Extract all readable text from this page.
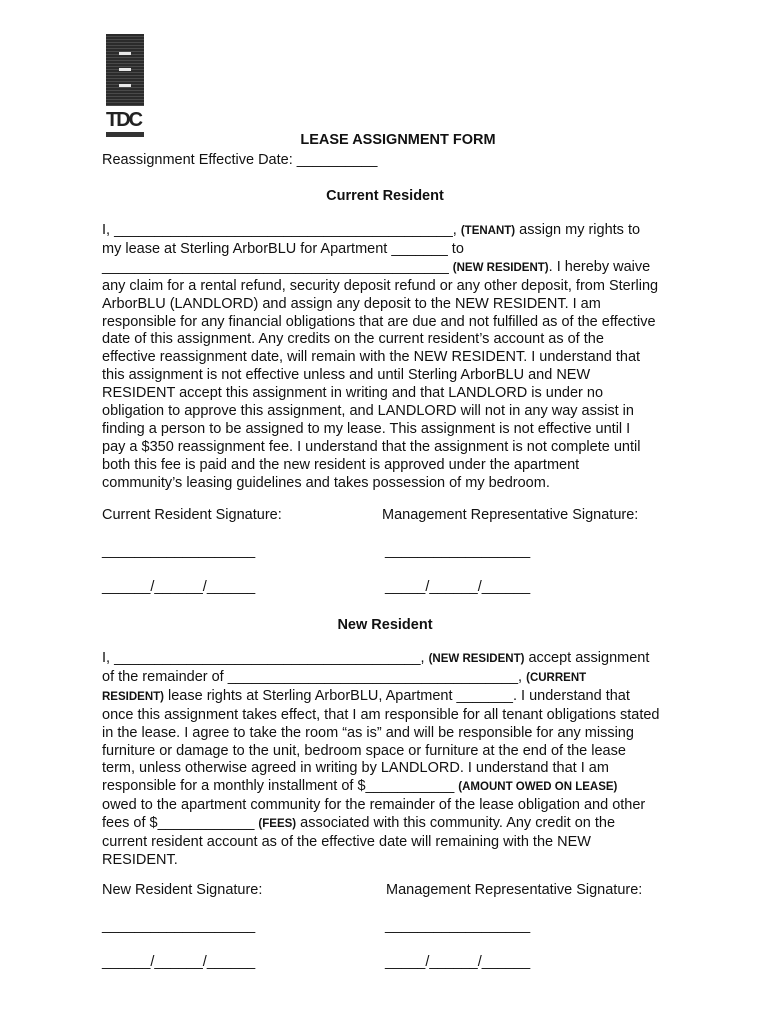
TDC
LEASE ASSIGNMENT FORM
Reassignment Effective Date: __________
Current Resident
I, __________________________________________, (TENANT) assign my rights to
my lease at Sterling ArborBLU for Apartment _______ to
___________________________________________ (NEW RESIDENT). I hereby waive
any claim for a rental refund, security deposit refund or any other deposit, from Sterling
ArborBLU (LANDLORD) and assign any deposit to the NEW RESIDENT. I am
responsible for any financial obligations that are due and not fulfilled as of the effective
date of this assignment. Any credits on the current resident’s account as of the
effective reassignment date, will remain with the NEW RESIDENT. I understand that
this assignment is not effective unless and until Sterling ArborBLU and NEW
RESIDENT accept this assignment in writing and that LANDLORD is under no
obligation to approve this assignment, and LANDLORD will not in any way assist in
finding a person to be assigned to my lease. This assignment is not effective until I
pay a $350 reassignment fee. I understand that the assignment is not complete until
both this fee is paid and the new resident is approved under the apartment
community’s leasing guidelines and takes possession of my bedroom.
Current Resident Signature:	Management Representative Signature:
___________________	__________________
______/______/______	_____/______/______
New Resident
I, ______________________________________, (NEW RESIDENT) accept assignment
of the remainder of ____________________________________, (CURRENT
RESIDENT) lease rights at Sterling ArborBLU, Apartment _______. I understand that
once this assignment takes effect, that I am responsible for all tenant obligations stated
in the lease. I agree to take the room “as is” and will be responsible for any missing
furniture or damage to the unit, bedroom space or furniture at the end of the lease
term, unless otherwise agreed in writing by LANDLORD. I understand that I am
responsible for a monthly installment of $___________ (AMOUNT OWED ON LEASE)
owed to the apartment community for the remainder of the lease obligation and other
fees of $____________ (FEES) associated with this community. Any credit on the
current resident account as of the effective date will remaining with the NEW
RESIDENT.
New Resident Signature:	Management Representative Signature:
___________________	__________________
______/______/______	_____/______/______
